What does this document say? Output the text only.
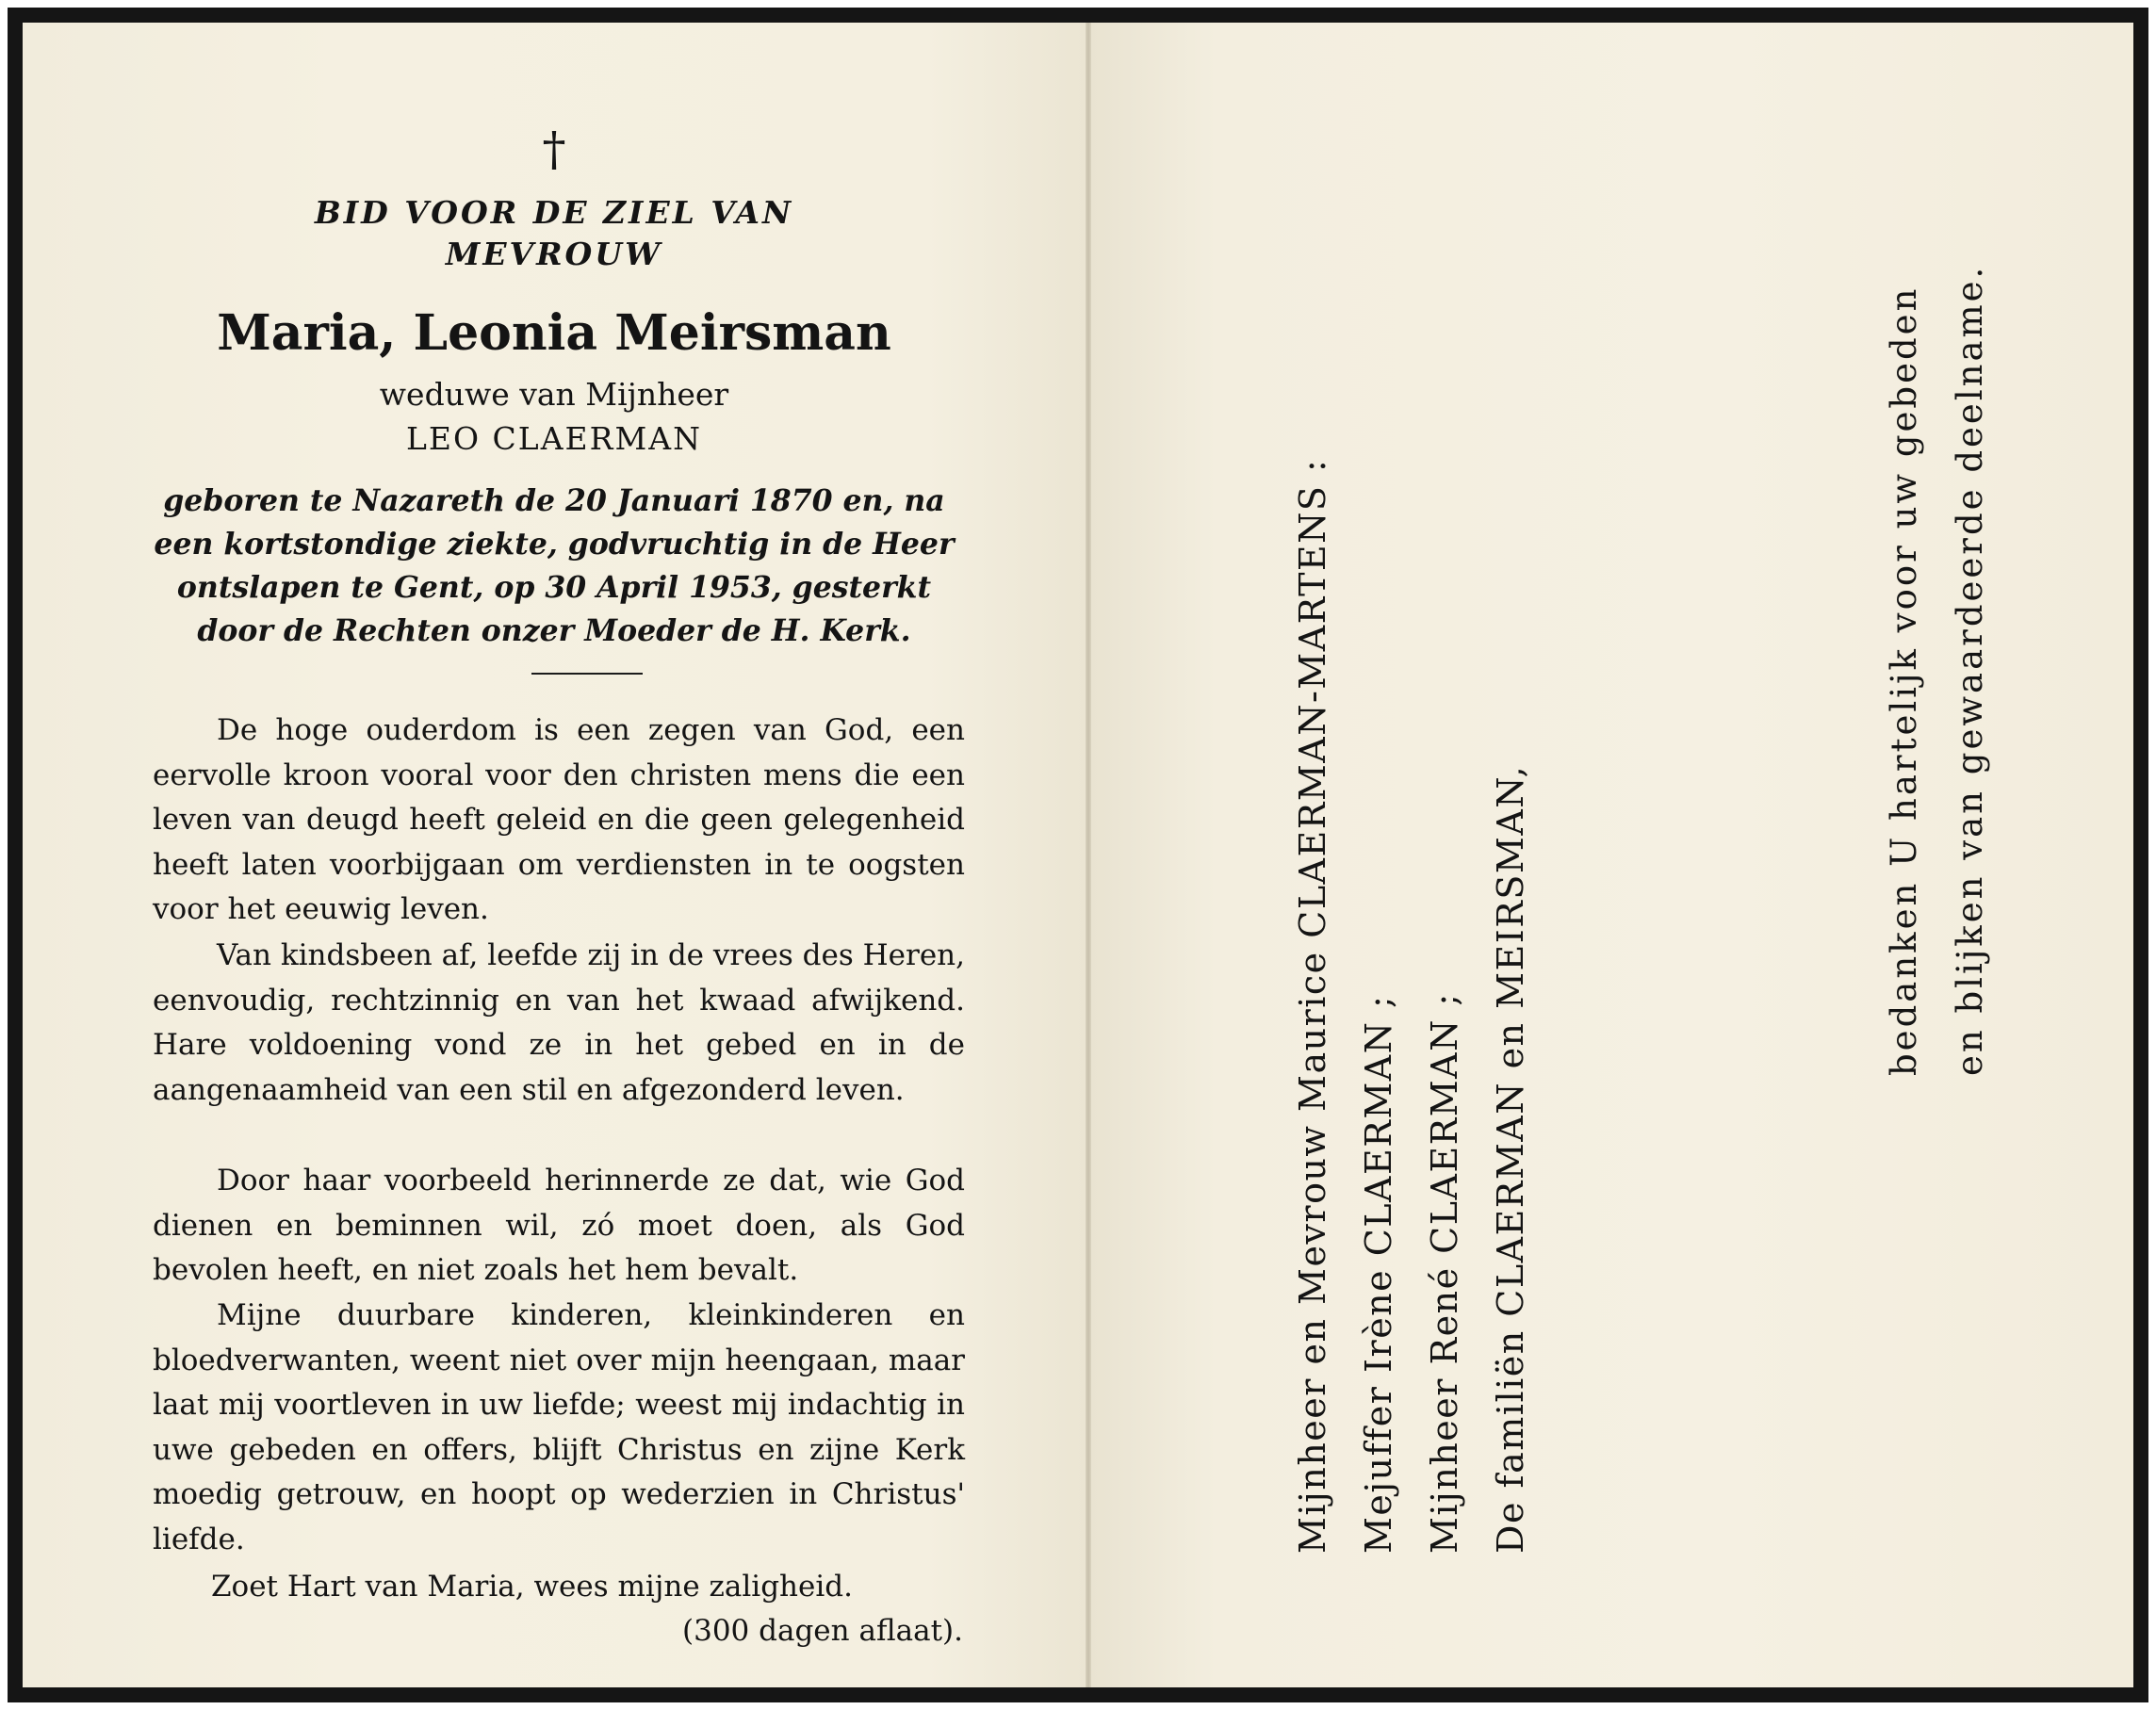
†
BID VOOR DE ZIEL VAN
MEVROUW
Maria, Leonia Meirsman
weduwe van Mijnheer
LEO CLAERMAN
geboren te Nazareth de 20 Januari 1870 en, na
een kortstondige ziekte, godvruchtig in de Heer
ontslapen te Gent, op 30 April 1953, gesterkt
door de Rechten onzer Moeder de H. Kerk.
De hoge ouderdom is een zegen van God, een eervolle kroon vooral voor den christen mens die een leven van deugd heeft geleid en die geen gelegenheid heeft laten voorbijgaan om verdiensten in te oogsten voor het eeuwig leven.
Van kindsbeen af, leefde zij in de vrees des Heren, eenvoudig, rechtzinnig en van het kwaad afwijkend. Hare voldoening vond ze in het gebed en in de aangenaamheid van een stil en afgezonderd leven.
Door haar voorbeeld herinnerde ze dat, wie God dienen en beminnen wil, zó moet doen, als God bevolen heeft, en niet zoals het hem bevalt.
Mijne duurbare kinderen, kleinkinderen en bloedverwanten, weent niet over mijn heengaan, maar laat mij voortleven in uw liefde; weest mij indachtig in uwe gebeden en offers, blijft Christus en zijne Kerk moedig getrouw, en hoopt op wederzien in Christus' liefde.
Zoet Hart van Maria, wees mijne zaligheid.
(300 dagen aflaat).
Mijnheer en Mevrouw Maurice CLAERMAN-MARTENS : Mejuffer Irène CLAERMAN ; Mijnheer René CLAERMAN ; De familiën CLAERMAN en MEIRSMAN,
bedanken U hartelijk voor uw gebeden en blijken van gewaardeerde deelname.
